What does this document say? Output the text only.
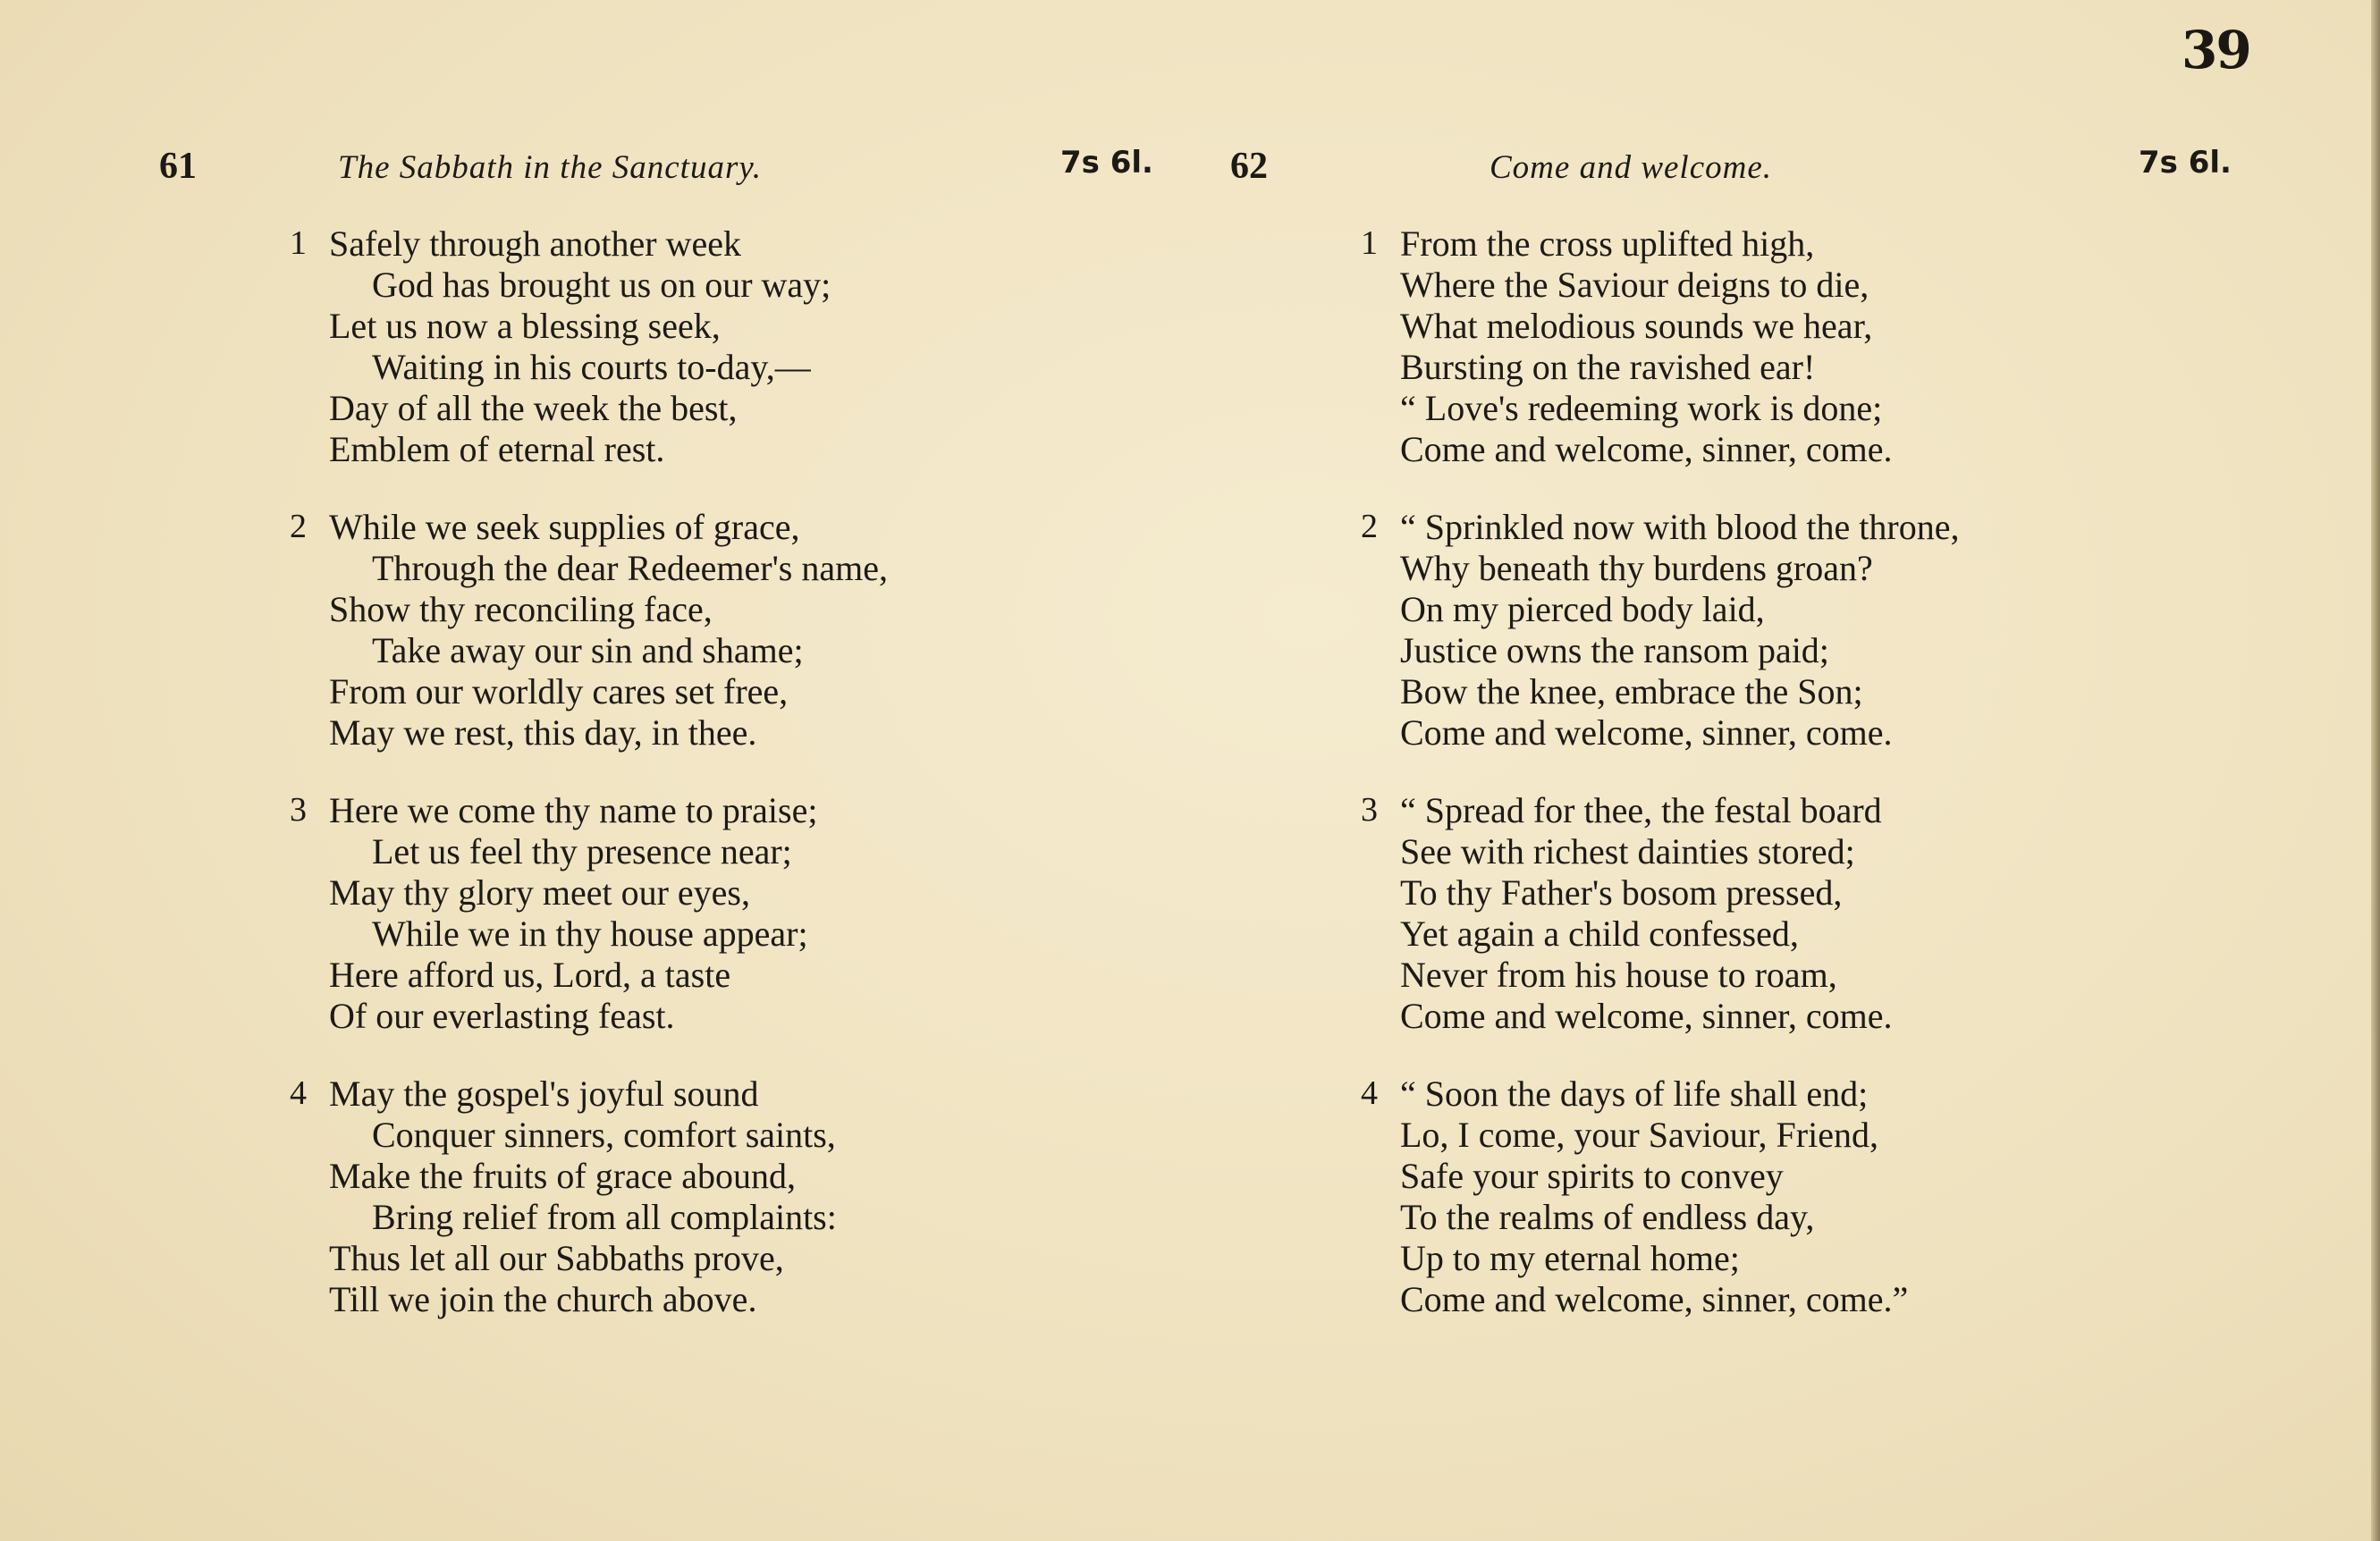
39
61	The Sabbath in the Sanctuary.	7s 6l. 62	Come and welcome.	7s 6l.
1 Safely through another week
God has brought us on our way;
Let us now a blessing seek,
Waiting in his courts to-day,—
Day of all the week the best,
Emblem of eternal rest.
2 While we seek supplies of grace,
Through the dear Redeemer's name,
Show thy reconciling face,
Take away our sin and shame;
From our worldly cares set free,
May we rest, this day, in thee.
3 Here we come thy name to praise;
Let us feel thy presence near;
May thy glory meet our eyes,
While we in thy house appear;
Here afford us, Lord, a taste
Of our everlasting feast.
4 May the gospel's joyful sound
Conquer sinners, comfort saints,
Make the fruits of grace abound,
Bring relief from all complaints:
Thus let all our Sabbaths prove,
Till we join the church above.
1 From the cross uplifted high,
Where the Saviour deigns to die,
What melodious sounds we hear,
Bursting on the ravished ear!
“ Love's redeeming work is done;
Come and welcome, sinner, come.
2 “ Sprinkled now with blood the throne,
Why beneath thy burdens groan?
On my pierced body laid,
Justice owns the ransom paid;
Bow the knee, embrace the Son;
Come and welcome, sinner, come.
3 “ Spread for thee, the festal board
See with richest dainties stored;
To thy Father's bosom pressed,
Yet again a child confessed,
Never from his house to roam,
Come and welcome, sinner, come.
4 “ Soon the days of life shall end;
Lo, I come, your Saviour, Friend,
Safe your spirits to convey
To the realms of endless day,
Up to my eternal home;
Come and welcome, sinner, come.”
